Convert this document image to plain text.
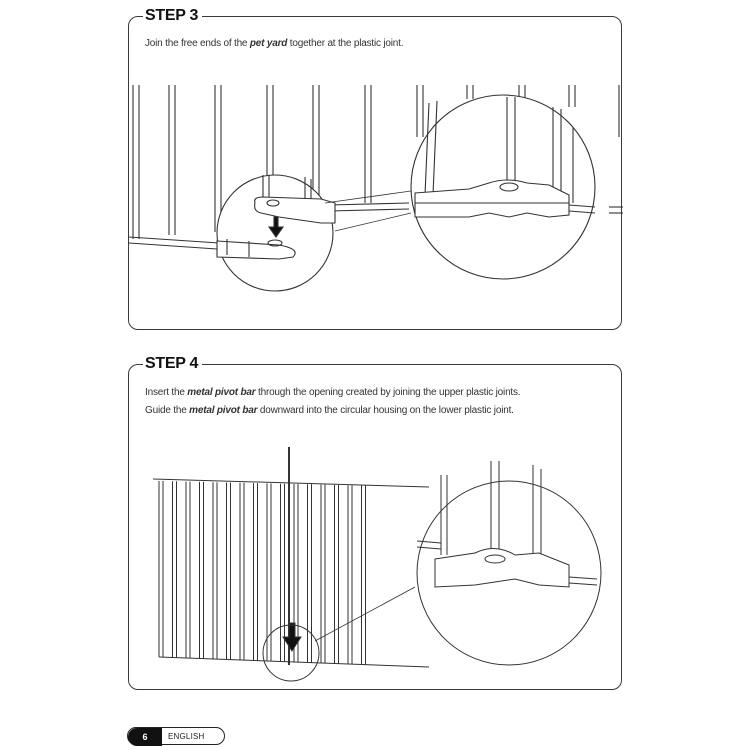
STEP 3
Join the free ends of the pet yard together at the plastic joint.
STEP 4
Insert the metal pivot bar through the opening created by joining the upper plastic joints.
Guide the metal pivot bar downward into the circular housing on the lower plastic joint.
6	ENGLISH
